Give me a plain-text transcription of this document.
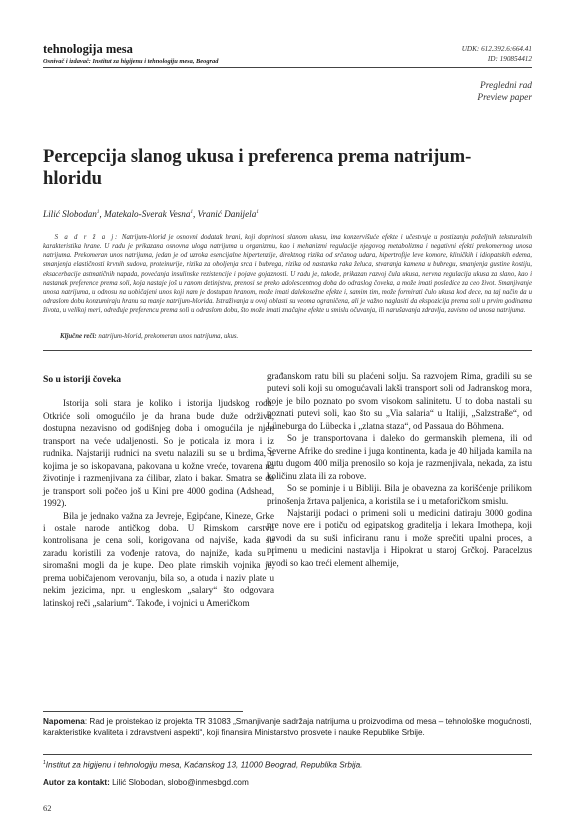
tehnologija mesa
Osnivač i izdavač: Institut za higijenu i tehnologiju mesa, Beograd
UDK: 612.392.6:664.41
ID: 190854412
Pregledni rad
Preview paper
Percepcija slanog ukusa i preferenca prema natrijum-hloridu
Lilić Slobodan$^1$, Matekalo-Sverak Vesna$^1$, Vranić Danijela$^1$
S a d r ž a j: Natrijum-hlorid je osnovni dodatak hrani, koji doprinosi slanom ukusu, ima konzervišuće efekte i učestvuje u postizanju poželjnih teksturalnih karakteristika hrane. U radu je prikazana osnovna uloga natrijuma u organizmu, kao i mehanizmi regulacije njegovog metabolizma i negativni efekti prekomernog unosa natrijuma. Prekomeran unos natrijuma, jedan je od uzroka esencijalne hipertenzije, direktnog rizika od srčanog udara, hipertrofije leve komore, kliničkih i idiopatskih edema, smanjenja elastičnosti krvnih sudova, proteinurije, rizika za oboljenja srca i bubrega, rizika od nastanka raka želuca, stvaranja kamena u bubregu, smanjenja gustine kostiju, eksacerbacije astmatičnih napada, povećanja insulinske rezistencije i pojave gojaznosti. U radu je, takođe, prikazan razvoj čula ukusa, nervna regulacija ukusa za slano, kao i nastanak preference prema soli, koja nastaje još u ranom detinjstvu, prenosi se preko adolescentnog doba do odraslog čoveka, a može imati posledice za ceo život. Smanjivanje unosa natrijuma, u odnosu na uobičajeni unos koji nam je dostupan hranom, može imati dalekosežne efekte i, samim tim, može formirati čulo ukusa kod dece, na taj način da u odraslom dobu konzumiraju hranu sa manje natrijum-hlorida. Istraživanja u ovoj oblasti su veoma ograničena, ali je važno naglasiti da ekspozicija prema soli u prvim godinama života, u velikoj meri, određuje preferencu prema soli u odraslom dobu, što može imati značajne efekte u smislu očuvanja, ili narušavanja zdravlja, zavisno od unosa natrijuma.
Ključne reči: natrijum-hlorid, prekomeran unos natrijuma, ukus.
So u istoriji čoveka

Istorija soli stara je koliko i istorija ljudskog roda. Otkriće soli omogućilo je da hrana bude duže održiva, dostupna nezavisno od godišnjeg doba i omogućila je njen transport na veće udaljenosti. So je poticala iz mora i iz rudnika. Najstariji rudnici na svetu nalazili su se u brdima, u kojima je so iskopavana, pakovana u kožne vreće, tovarena na životinje i razmenjivana za ćilibar, zlato i bakar. Smatra se da je transport soli počeo još u Kini pre 4000 godina (Adshead, 1992).

Bila je jednako važna za Jevreje, Egipćane, Kineze, Grke i ostale narode antičkog doba. U Rimskom carstvu kontrolisana je cena soli, korigovana od najviše, kada su zaradu koristili za vođenje ratova, do najniže, kada su i siromašni mogli da je kupe. Deo plate rimskih vojnika je, prema uobičajenom verovanju, bila so, a otuda i naziv plate u nekim jezicima, npr. u engleskom „salary“ što odgovara latinskoj reči „salarium“. Takođe, i vojnici u Američkom

građanskom ratu bili su plaćeni solju. Sa razvojem Rima, gradili su se putevi soli koji su omogućavali lakši transport soli od Jadranskog mora, koje je bilo poznato po svom visokom salinitetu. U to doba nastali su poznati putevi soli, kao što su „Via salaria“ u Italiji, „Salzstraße“, od Lüneburga do Lübecka i „zlatna staza“, od Passaua do Böhmena.

So je transportovana i daleko do germanskih plemena, ili od Severne Afrike do sredine i juga kontinenta, kada je 40 hiljada kamila na putu dugom 400 milja prenosilo so koja je razmenjivala, nekada, za istu količinu zlata ili za robove.

So se pominje i u Bibliji. Bila je obavezna za korišćenje prilikom prinošenja žrtava paljenica, a koristila se i u metaforičkom smislu.

Najstariji podaci o primeni soli u medicini datiraju 3000 godina pre nove ere i potiču od egipatskog graditelja i lekara Imothepa, koji navodi da su suši inficiranu ranu i može sprečiti upalni proces, a primenu u medicini nastavlja i Hipokrat u staroj Grčkoj. Paracelzus uvodi so kao treći element alhemije,

Napomena: Rad je proistekao iz projekta TR 31083 „Smanjivanje sadržaja natrijuma u proizvodima od mesa – tehnološke mogućnosti, karakteristike kvaliteta i zdravstveni aspekti“, koji finansira Ministarstvo prosvete i nauke Republike Srbije.
$^1$Institut za higijenu i tehnologiju mesa, Kaćanskog 13, 11000 Beograd, Republika Srbija.
Autor za kontakt: Lilić Slobodan, slobo@inmesbgd.com
62
